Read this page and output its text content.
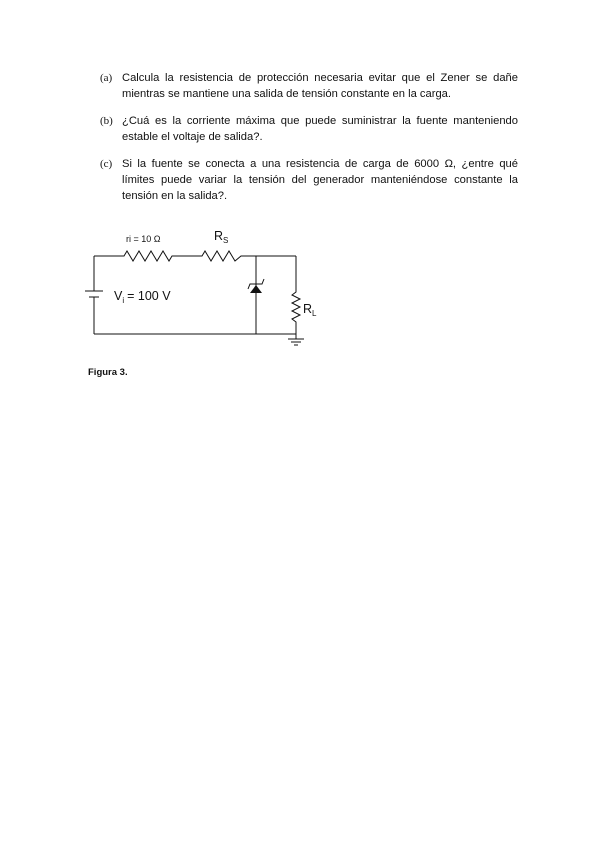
(a) Calcula la resistencia de protección necesaria evitar que el Zener se dañe mientras se mantiene una salida de tensión constante en la carga.
(b) ¿Cuá es la corriente máxima que puede suministrar la fuente manteniendo estable el voltaje de salida?.
(c) Si la fuente se conecta a una resistencia de carga de 6000 Ω, ¿entre qué límites puede variar la tensión del generador manteniéndose constante la tensión en la salida?.
ri = 10 Ω	$R_S$
$V_i = 100$ V
$R_L$
Figura 3.
